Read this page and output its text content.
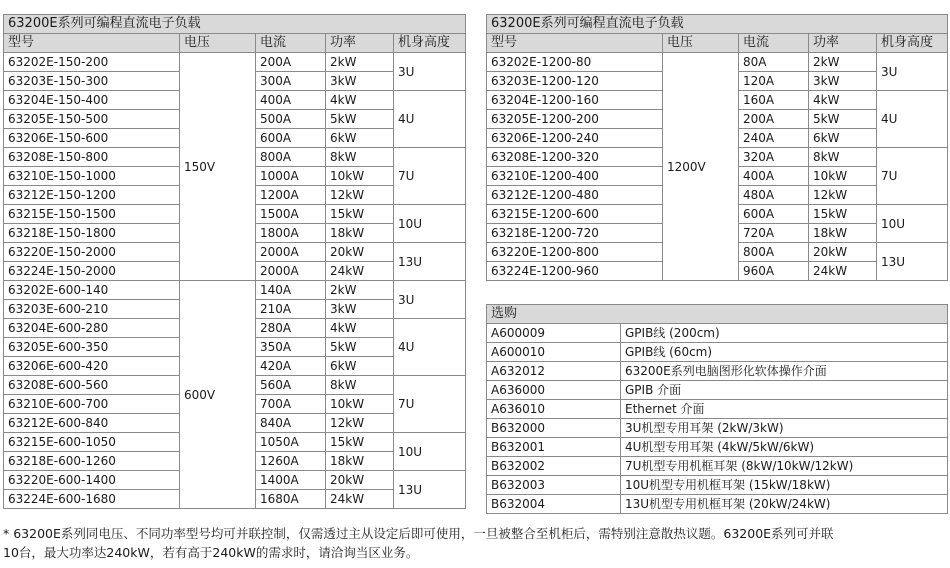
63200E系列可编程直流电子负载				
型号	电压	电流	功率	机身高度
63202E-150-200	150V	200A	2kW	3U
63203E-150-300		300A	3kW	
63204E-150-400		400A	4kW	4U
63205E-150-500		500A	5kW	
63206E-150-600		600A	6kW	
63208E-150-800		800A	8kW	7U
63210E-150-1000		1000A	10kW	
63212E-150-1200		1200A	12kW	
63215E-150-1500		1500A	15kW	10U
63218E-150-1800		1800A	18kW	
63220E-150-2000		2000A	20kW	13U
63224E-150-2000		2000A	24kW	
63202E-600-140	600V	140A	2kW	3U
63203E-600-210		210A	3kW	
63204E-600-280		280A	4kW	4U
63205E-600-350		350A	5kW	
63206E-600-420		420A	6kW	
63208E-600-560		560A	8kW	7U
63210E-600-700		700A	10kW	
63212E-600-840		840A	12kW	
63215E-600-1050		1050A	15kW	10U
63218E-600-1260		1260A	18kW	
63220E-600-1400		1400A	20kW	13U
63224E-600-1680		1680A	24kW	
63200E系列可编程直流电子负载				
型号	电压	电流	功率	机身高度
63202E-1200-80	1200V	80A	2kW	3U
63203E-1200-120		120A	3kW	
63204E-1200-160		160A	4kW	4U
63205E-1200-200		200A	5kW	
63206E-1200-240		240A	6kW	
63208E-1200-320		320A	8kW	7U
63210E-1200-400		400A	10kW	
63212E-1200-480		480A	12kW	
63215E-1200-600		600A	15kW	10U
63218E-1200-720		720A	18kW	
63220E-1200-800		800A	20kW	13U
63224E-1200-960		960A	24kW	
选购	
A600009	GPIB线 (200cm)
A600010	GPIB线 (60cm)
A632012	63200E系列电脑图形化软体操作介面
A636000	GPIB 介面
A636010	Ethernet 介面
B632000	3U机型专用耳架 (2kW/3kW)
B632001	4U机型专用耳架 (4kW/5kW/6kW)
B632002	7U机型专用机框耳架 (8kW/10kW/12kW)
B632003	10U机型专用机框耳架 (15kW/18kW)
B632004	13U机型专用机框耳架 (20kW/24kW)
* 63200E系列同电压、不同功率型号均可并联控制，仅需透过主从设定后即可使用，一旦被整合至机柜后，需特别注意散热议题。63200E系列可并联
10台，最大功率达240kW，若有高于240kW的需求时，请洽询当区业务。
